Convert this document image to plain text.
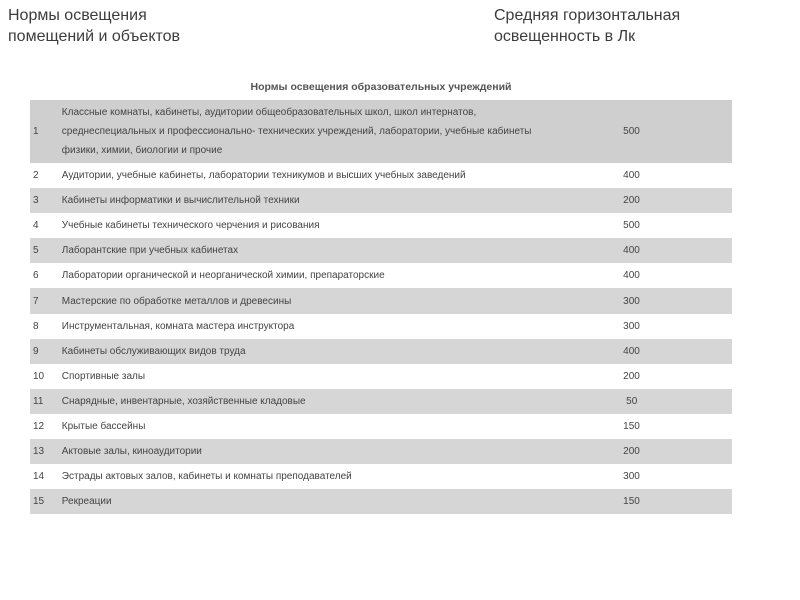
Нормы освещения
помещений и объектов
Средняя горизонтальная
освещенность в Лк
Нормы освещения образовательных учреждений
1	Классные комнаты, кабинеты, аудитории общеобразовательных школ, школ интернатов,
среднеспециальных и профессионально- технических учреждений, лаборатории, учебные кабинеты
физики, химии, биологии и прочие	500
2	Аудитории, учебные кабинеты, лаборатории техникумов и высших учебных заведений	400
3	Кабинеты информатики и вычислительной техники	200
4	Учебные кабинеты технического черчения и рисования	500
5	Лаборантские при учебных кабинетах	400
6	Лаборатории органической и неорганической химии, препараторские	400
7	Мастерские по обработке металлов и древесины	300
8	Инструментальная, комната мастера инструктора	300
9	Кабинеты обслуживающих видов труда	400
10	Спортивные залы	200
11	Снарядные, инвентарные, хозяйственные кладовые	50
12	Крытые бассейны	150
13	Актовые залы, киноаудитории	200
14	Эстрады актовых залов, кабинеты и комнаты преподавателей	300
15	Рекреации	150
